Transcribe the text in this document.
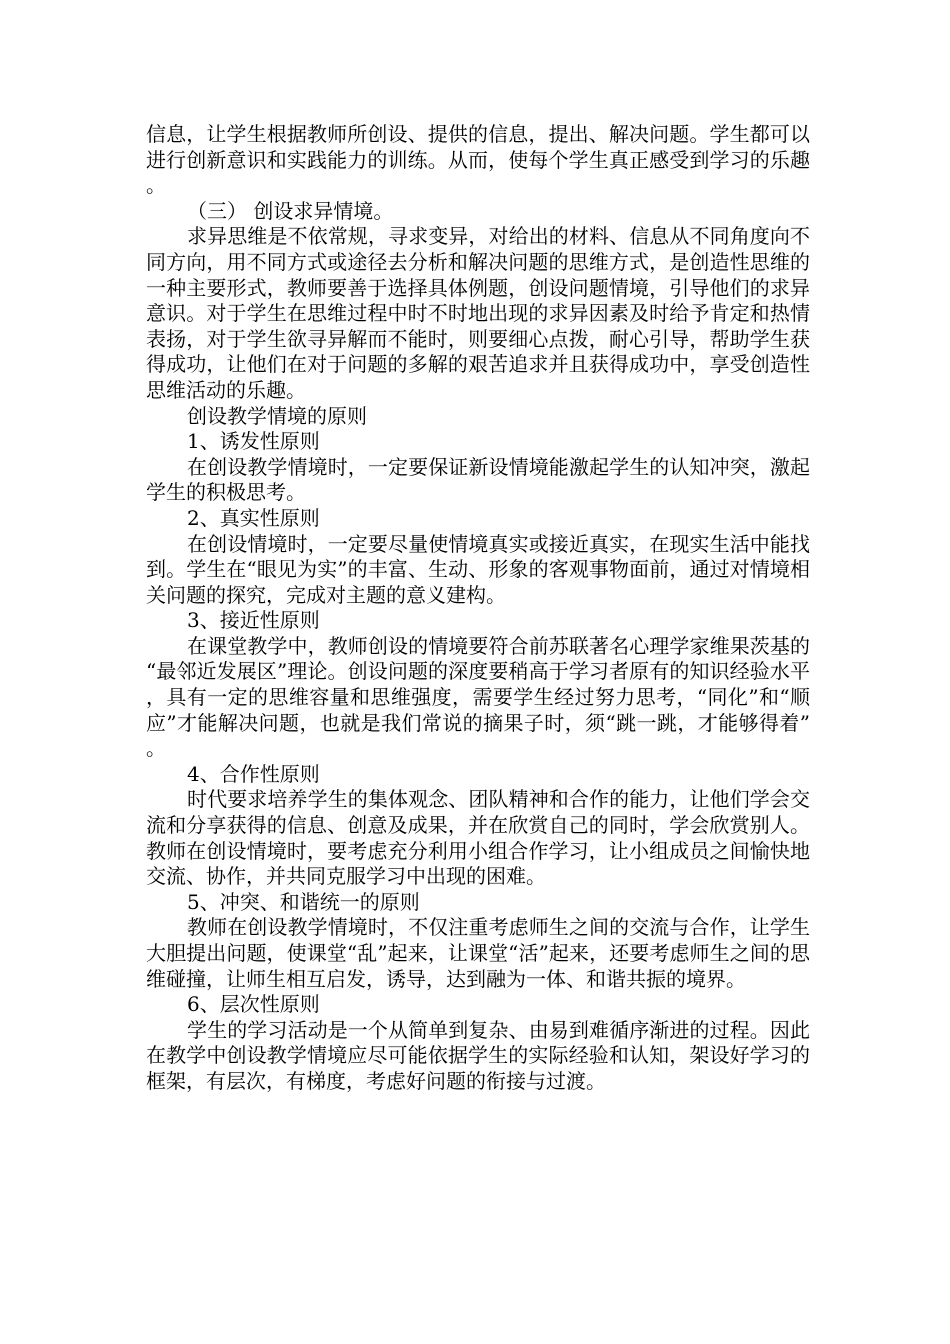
信息，让学生根据教师所创设、提供的信息，提出、解决问题。学生都可以进行创新意识和实践能力的训练。从而，使每个学生真正感受到学习的乐趣。

（三） 创设求异情境。

求异思维是不依常规，寻求变异，对给出的材料、信息从不同角度向不同方向，用不同方式或途径去分析和解决问题的思维方式，是创造性思维的一种主要形式，教师要善于选择具体例题，创设问题情境，引导他们的求异意识。对于学生在思维过程中时不时地出现的求异因素及时给予肯定和热情表扬，对于学生欲寻异解而不能时，则要细心点拨，耐心引导，帮助学生获得成功，让他们在对于问题的多解的艰苦追求并且获得成功中，享受创造性思维活动的乐趣。

创设教学情境的原则

1、诱发性原则

在创设教学情境时，一定要保证新设情境能激起学生的认知冲突，激起学生的积极思考。

2、真实性原则

在创设情境时，一定要尽量使情境真实或接近真实，在现实生活中能找到。学生在“眼见为实”的丰富、生动、形象的客观事物面前，通过对情境相关问题的探究，完成对主题的意义建构。

3、接近性原则

在课堂教学中，教师创设的情境要符合前苏联著名心理学家维果茨基的“最邻近发展区”理论。创设问题的深度要稍高于学习者原有的知识经验水平，具有一定的思维容量和思维强度，需要学生经过努力思考，“同化”和“顺应”才能解决问题，也就是我们常说的摘果子时，须“跳一跳，才能够得着”。

4、合作性原则

时代要求培养学生的集体观念、团队精神和合作的能力，让他们学会交流和分享获得的信息、创意及成果，并在欣赏自己的同时，学会欣赏别人。教师在创设情境时，要考虑充分利用小组合作学习，让小组成员之间愉快地交流、协作，并共同克服学习中出现的困难。

5、冲突、和谐统一的原则

教师在创设教学情境时，不仅注重考虑师生之间的交流与合作，让学生大胆提出问题，使课堂“乱”起来，让课堂“活”起来，还要考虑师生之间的思维碰撞，让师生相互启发，诱导，达到融为一体、和谐共振的境界。

6、层次性原则

学生的学习活动是一个从简单到复杂、由易到难循序渐进的过程。因此在教学中创设教学情境应尽可能依据学生的实际经验和认知，架设好学习的框架，有层次，有梯度，考虑好问题的衔接与过渡。
